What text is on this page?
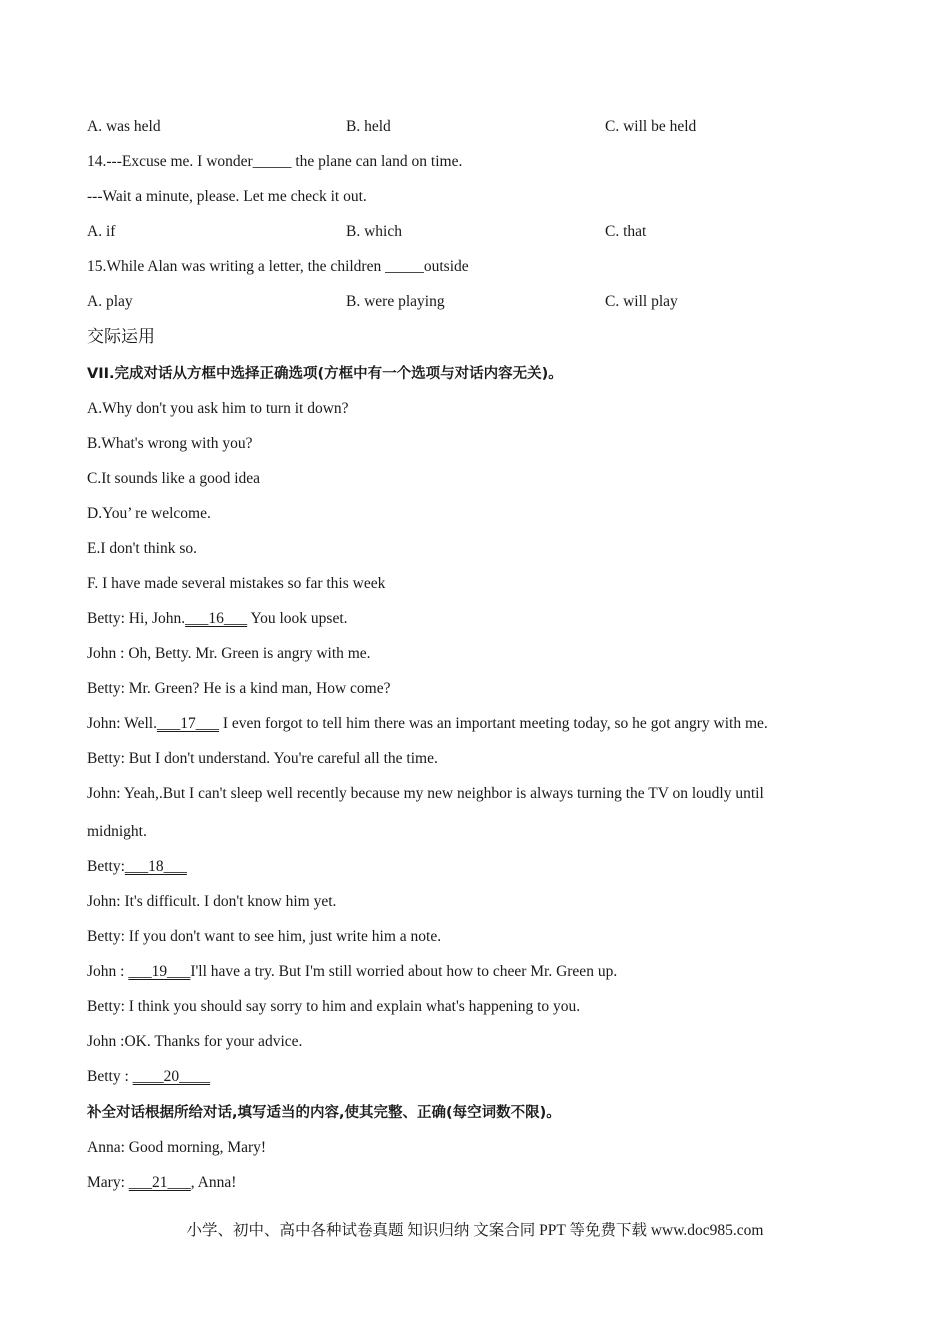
A. was held	B. held	C. will be held
14.---Excuse me. I wonder_____ the plane can land on time.
---Wait a minute, please. Let me check it out.
A. if	B. which	C. that
15.While Alan was writing a letter, the children _____outside
A. play	B. were playing	C. will play
交际运用
VII.完成对话从方框中选择正确选项(方框中有一个选项与对话内容无关)。
A.Why don't you ask him to turn it down?
B.What's wrong with you?
C.It sounds like a good idea
D.You’ re welcome.
E.I don't think so.
F. I have made several mistakes so far this week
Betty: Hi, John.___16___ You look upset.
John : Oh, Betty. Mr. Green is angry with me.
Betty: Mr. Green? He is a kind man, How come?
John: Well.___17___ I even forgot to tell him there was an important meeting today, so he got angry with me.
Betty: But I don't understand. You're careful all the time.
John: Yeah,.But I can't sleep well recently because my new neighbor is always turning the TV on loudly until
midnight.
Betty:___18___
John: It's difficult. I don't know him yet.
Betty: If you don't want to see him, just write him a note.
John : ___19___I'll have a try. But I'm still worried about how to cheer Mr. Green up.
Betty: I think you should say sorry to him and explain what's happening to you.
John :OK. Thanks for your advice.
Betty : ____20____
补全对话根据所给对话,填写适当的内容,使其完整、正确(每空词数不限)。
Anna: Good morning, Mary!
Mary: ___21___, Anna!
小学、初中、高中各种试卷真题 知识归纳 文案合同 PPT 等免费下载 www.doc985.com
